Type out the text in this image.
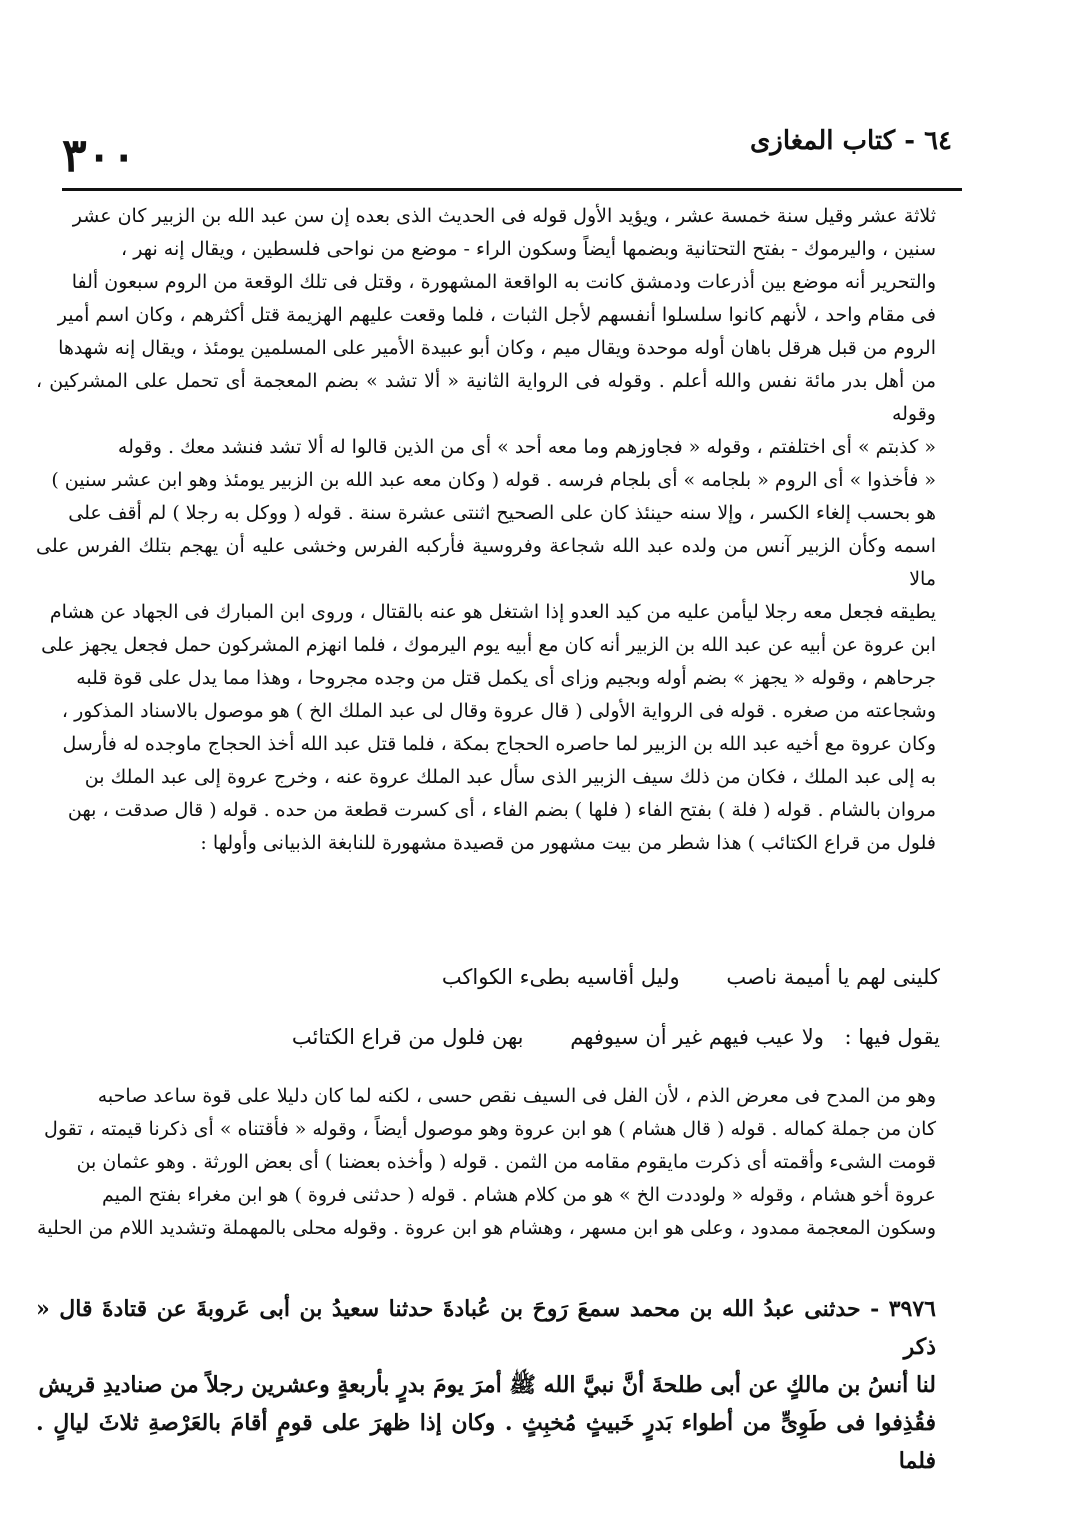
٣٠٠	٦٤ - كتاب المغازى

ثلاثة عشر وقيل سنة خمسة عشر ، ويؤيد الأول قوله فى الحديث الذى بعده إن سن عبد الله بن الزبير كان عشر

سنين ، واليرموك - بفتح التحتانية وبضمها أيضاً وسكون الراء - موضع من نواحى فلسطين ، ويقال إنه نهر ،

والتحرير أنه موضع بين أذرعات ودمشق كانت به الواقعة المشهورة ، وقتل فى تلك الوقعة من الروم سبعون ألفا

فى مقام واحد ، لأنهم كانوا سلسلوا أنفسهم لأجل الثبات ، فلما وقعت عليهم الهزيمة قتل أكثرهم ، وكان اسم أمير

الروم من قبل هرقل باهان أوله موحدة ويقال ميم ، وكان أبو عبيدة الأمير على المسلمين يومئذ ، ويقال إنه شهدها

من أهل بدر مائة نفس والله أعلم . وقوله فى الرواية الثانية « ألا تشد » بضم المعجمة أى تحمل على المشركين ، وقوله

« كذبتم » أى اختلفتم ، وقوله « فجاوزهم وما معه أحد » أى من الذين قالوا له ألا تشد فنشد معك . وقوله

« فأخذوا » أى الروم « بلجامه » أى بلجام فرسه . قوله ( وكان معه عبد الله بن الزبير يومئذ وهو ابن عشر سنين )

هو بحسب إلغاء الكسر ، وإلا سنه حينئذ كان على الصحيح اثنتى عشرة سنة . قوله ( ووكل به رجلا ) لم أقف على

اسمه وكأن الزبير آنس من ولده عبد الله شجاعة وفروسية فأركبه الفرس وخشى عليه أن يهجم بتلك الفرس على مالا

يطيقه فجعل معه رجلا ليأمن عليه من كيد العدو إذا اشتغل هو عنه بالقتال ، وروى ابن المبارك فى الجهاد عن هشام

ابن عروة عن أبيه عن عبد الله بن الزبير أنه كان مع أبيه يوم اليرموك ، فلما انهزم المشركون حمل فجعل يجهز على

جرحاهم ، وقوله « يجهز » بضم أوله وبجيم وزاى أى يكمل قتل من وجده مجروحا ، وهذا مما يدل على قوة قلبه

وشجاعته من صغره . قوله فى الرواية الأولى ( قال عروة وقال لى عبد الملك الخ ) هو موصول بالاسناد المذكور ،

وكان عروة مع أخيه عبد الله بن الزبير لما حاصره الحجاج بمكة ، فلما قتل عبد الله أخذ الحجاج ماوجده له فأرسل

به إلى عبد الملك ، فكان من ذلك سيف الزبير الذى سأل عبد الملك عروة عنه ، وخرج عروة إلى عبد الملك بن

مروان بالشام . قوله ( فلة ) بفتح الفاء ( فلها ) بضم الفاء ، أى كسرت قطعة من حده . قوله ( قال صدقت ، بهن

فلول من قراع الكتائب ) هذا شطر من بيت مشهور من قصيدة مشهورة للنابغة الذبيانى وأولها :

كلينى لهم يا أميمة ناصب وليل أقاسيه بطىء الكواكب
يقول فيها : ولا عيب فيهم غير أن سيوفهم بهن فلول من قراع الكتائب

وهو من المدح فى معرض الذم ، لأن الفل فى السيف نقص حسى ، لكنه لما كان دليلا على قوة ساعد صاحبه

كان من جملة كماله . قوله ( قال هشام ) هو ابن عروة وهو موصول أيضاً ، وقوله « فأقتناه » أى ذكرنا قيمته ، تقول

قومت الشىء وأقمته أى ذكرت مايقوم مقامه من الثمن . قوله ( وأخذه بعضنا ) أى بعض الورثة . وهو عثمان بن

عروة أخو هشام ، وقوله « ولوددت الخ » هو من كلام هشام . قوله ( حدثنى فروة ) هو ابن مغراء بفتح الميم

وسكون المعجمة ممدود ، وعلى هو ابن مسهر ، وهشام هو ابن عروة . وقوله محلى بالمهملة وتشديد اللام من الحلية

٣٩٧٦ - حدثنى عبدُ الله بن محمد سمعَ رَوحَ بن عُبادةَ حدثنا سعيدُ بن أبى عَروبةَ عن قتادةَ قال « ذكر
لنا أنسُ بن مالكٍ عن أبى طلحةَ أنَّ نبيَّ الله ﷺ أمرَ يومَ بدرٍ بأربعةٍ وعشرين رجلاً من صناديدِ قريش
فقُذِفوا فى طَوِىٍّ من أطواء بَدرٍ خَبيثٍ مُخبِثٍ . وكان إذا ظهرَ على قومٍ أقامَ بالعَرْصةِ ثلاثَ ليالٍ . فلما
